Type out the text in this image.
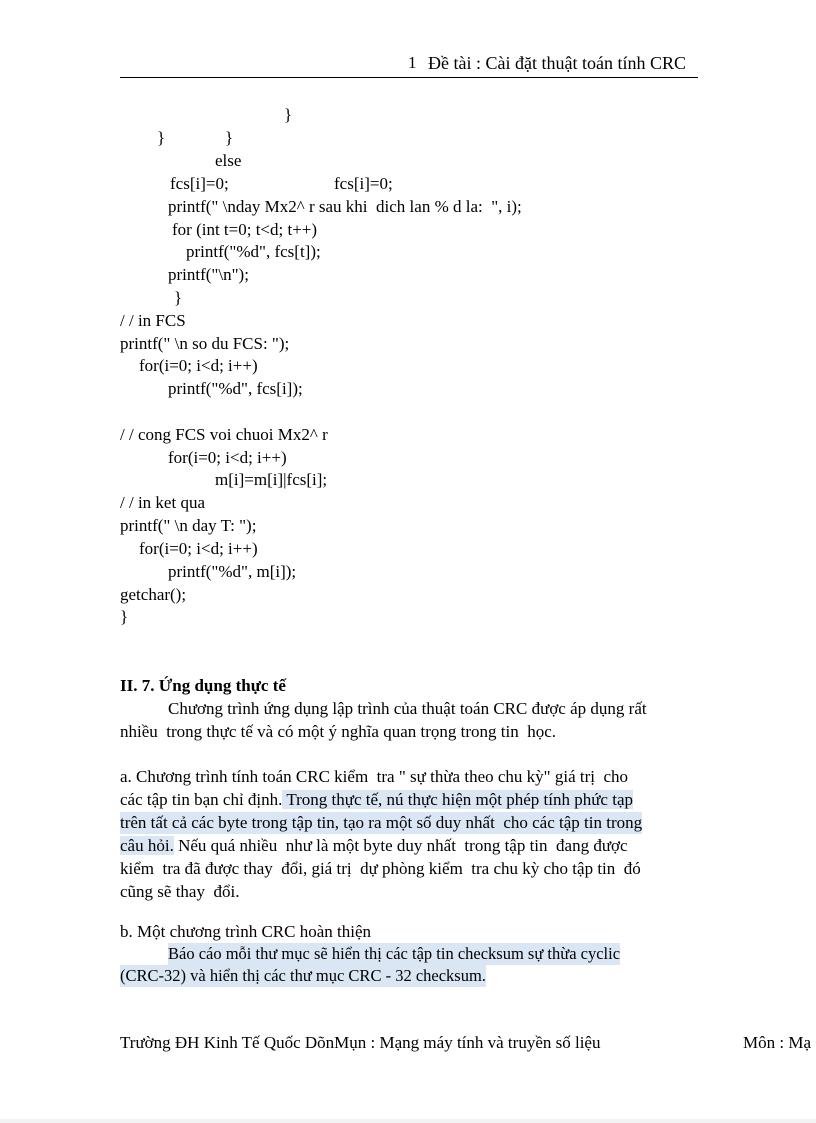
1 Đề tài : Cài đặt thuật toán tính CRC
}
}	}
else
fcs[i]=0;	fcs[i]=0;
printf(" \nday Mx2^ r sau khi  dich lan % d la:  ", i);
for (int t=0; t<d; t++)
printf("%d", fcs[t]);
printf("\n");
}
/ / in FCS
printf(" \n so du FCS: ");
for(i=0; i<d; i++)
printf("%d", fcs[i]);
/ / cong FCS voi chuoi Mx2^ r
for(i=0; i<d; i++)
m[i]=m[i]|fcs[i];
/ / in ket qua
printf(" \n day T: ");
for(i=0; i<d; i++)
printf("%d", m[i]);
getchar();
}
II. 7. Ứng dụng thực tế
Chương trình ứng dụng lập trình của thuật toán CRC được áp dụng rất
nhiều  trong thực tế và có một ý nghĩa quan trọng trong tin  học.
a. Chương trình tính toán CRC kiểm  tra " sự thừa theo chu kỳ" giá trị  cho
các tập tin bạn chỉ định. Trong thực tế, nú thực hiện một phép tính phức tạp
trên tất cả các byte trong tập tin, tạo ra một số duy nhất  cho các tập tin trong
câu hỏi. Nếu quá nhiều  như là một byte duy nhất  trong tập tin  đang được
kiểm  tra đã được thay  đổi, giá trị  dự phòng kiểm  tra chu kỳ cho tập tin  đó
cũng sẽ thay  đổi.
b. Một chương trình CRC hoàn thiện
Báo cáo mỗi thư mục sẽ hiển thị các tập tin checksum sự thừa cyclic
(CRC-32) và hiển thị các thư mục CRC - 32 checksum.
Trường ĐH Kinh Tế Quốc DõnMụn : Mạng máy tính và truyền số liệu	Môn : Mạ
